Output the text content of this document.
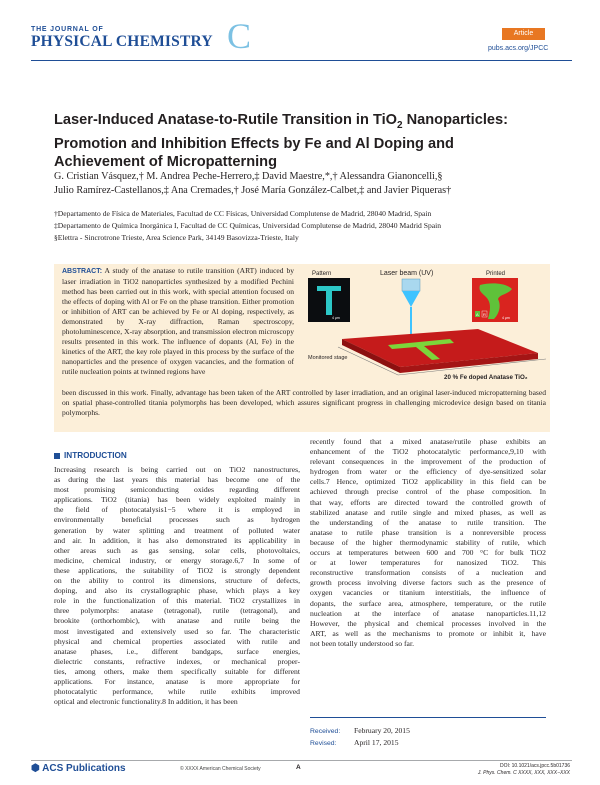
THE JOURNAL OF
PHYSICAL CHEMISTRY C	Article
pubs.acs.org/JPCC
Laser-Induced Anatase-to-Rutile Transition in TiO$_2$ Nanoparticles:
Promotion and Inhibition Effects by Fe and Al Doping and
Achievement of Micropatterning
G. Cristian Vásquez,† M. Andrea Peche-Herrero,‡ David Maestre,*,† Alessandra Gianoncelli,§
Julio Ramírez-Castellanos,‡ Ana Cremades,† José María González-Calbet,‡ and Javier Piqueras†
†Departamento de Física de Materiales, Facultad de CC Físicas, Universidad Complutense de Madrid, 28040 Madrid, Spain
‡Departamento de Química Inorgánica I, Facultad de CC Químicas, Universidad Complutense de Madrid, 28040 Madrid Spain
§Elettra - Sincrotrone Trieste, Area Science Park, 34149 Basovizza-Trieste, Italy
ABSTRACT: A study of the anatase to rutile transition (ART) induced by laser irradiation in TiO2 nanoparticles synthesized by a modified Pechini method has been carried out in this work, with special attention focused on the effects of doping with Al or Fe on the phase transition. Either promotion or inhibition of ART can be achieved by Fe or Al doping, respectively, as demonstrated by X-ray diffraction, Raman spectroscopy, photoluminescence, X-ray absorption, and transmission electron microscopy results presented in this work. The influence of dopants (Al, Fe) in the kinetics of the ART, the key role played in this process by the surface of the nanoparticles and the presence of oxygen vacancies, and the formation of rutile nucleation points at twinned regions have
been discussed in this work. Finally, advantage has been taken of the ART controlled by laser irradiation, and an original laser-induced micropatterning based on spatial phase-controlled titania polymorphs has been developed, which assures significant progress in challenging microdevice design based on titania polymorphs.
Pattern
4 μm
Laser beam (UV)	Printed
A R
4 μm
Monitored stage
20 % Fe doped Anatase TiO₂
INTRODUCTION
Increasing research is being carried out on TiO2 nanostructures,
as during the last years this material has become one of the
most promising semiconducting oxides regarding different
applications. TiO2 (titania) has been widely exploited mainly in
the field of photocatalysis1−5 where it is employed in
environmentally beneficial processes such as hydrogen
generation by water splitting and treatment of polluted water
and air. In addition, it has also demonstrated its applicability in
other areas such as gas sensing, solar cells, photovoltaics,
medicine, chemical industry, or energy storage.6,7 In some of
these applications, the suitability of TiO2 is strongly dependent
on the ability to control its dimensions, structure of defects,
doping, and also its crystallographic phase, which plays a key
role in the functionalization of this material. TiO2 crystallizes in
three polymorphs: anatase (tetragonal), rutile (tetragonal), and
brookite (orthorhombic), with anatase and rutile being the
most investigated and extensively used so far. The characteristic
physical and chemical properties associated with rutile and
anatase phases, i.e., different bandgaps, surface energies,
dielectric constants, refractive indexes, or mechanical proper-
ties, among others, make them specifically suitable for different
applications. For instance, anatase is more appropriate for
photocatalytic performance, while rutile exhibits improved
optical and electronic functionality.8 In addition, it has been
recently found that a mixed anatase/rutile phase exhibits an
enhancement of the TiO2 photocatalytic performance,9,10 with
relevant consequences in the improvement of the production of
hydrogen from water or the efficiency of dye-sensitized solar
cells.7 Hence, optimized TiO2 applicability in this field can be
achieved through precise control of the phase composition. In
that way, efforts are directed toward the controlled growth of
stabilized anatase and rutile single and mixed phases, as well as
the understanding of the anatase to rutile transition. The
anatase to rutile phase transition is a nonreversible process
because of the higher thermodynamic stability of rutile, which
occurs at temperatures between 600 and 700 °C for bulk TiO2
or at lower temperatures for nanosized TiO2. This
reconstructive transformation consists of a nucleation and
growth process involving diverse factors such as the presence of
oxygen vacancies or titanium interstitials, the influence of
dopants, the surface area, atmosphere, temperature, or the rutile
nucleation at the interface of anatase nanoparticles.11,12
However, the physical and chemical processes involved in the
ART, as well as the mechanisms to promote or inhibit it, have
not been totally understood so far.
Received: February 20, 2015
Revised: April 17, 2015
⬢ ACS Publications	© XXXX American Chemical Society	A	DOI: 10.1021/acs.jpcc.5b01736
J. Phys. Chem. C XXXX, XXX, XXX−XXX
